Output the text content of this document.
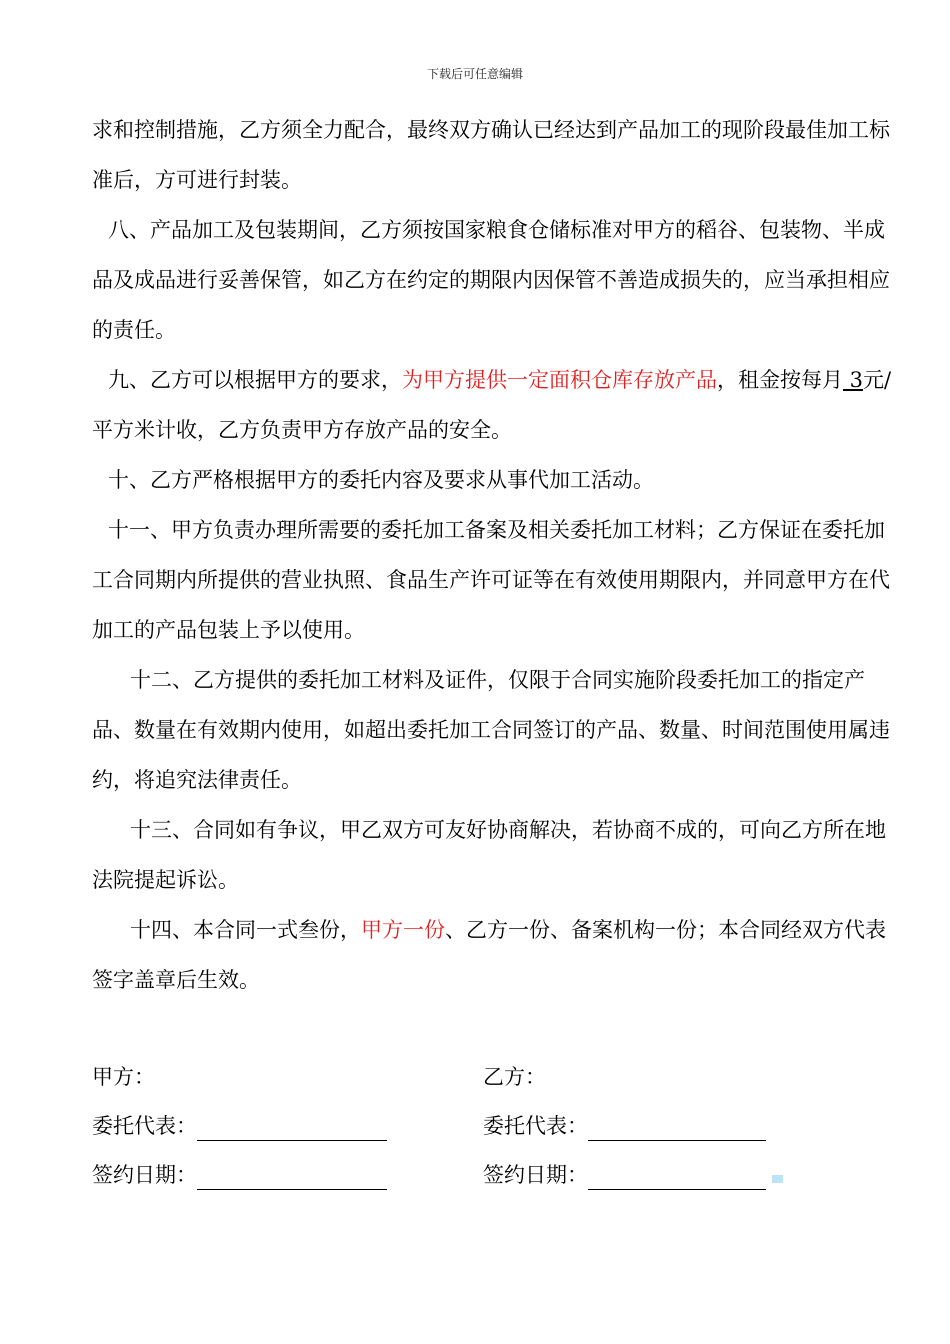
下载后可任意编辑

求和控制措施，乙方须全力配合，最终双方确认已经达到产品加工的现阶段最佳加工标准后，方可进行封装。

八、产品加工及包装期间，乙方须按国家粮食仓储标准对甲方的稻谷、包装物、半成品及成品进行妥善保管，如乙方在约定的期限内因保管不善造成损失的，应当承担相应的责任。

九、乙方可以根据甲方的要求，为甲方提供一定面积仓库存放产品，租金按每月 3元/平方米计收，乙方负责甲方存放产品的安全。

十、乙方严格根据甲方的委托内容及要求从事代加工活动。

十一、甲方负责办理所需要的委托加工备案及相关委托加工材料；乙方保证在委托加工合同期内所提供的营业执照、食品生产许可证等在有效使用期限内，并同意甲方在代加工的产品包装上予以使用。

十二、乙方提供的委托加工材料及证件，仅限于合同实施阶段委托加工的指定产品、数量在有效期内使用，如超出委托加工合同签订的产品、数量、时间范围使用属违约，将追究法律责任。

十三、合同如有争议，甲乙双方可友好协商解决，若协商不成的，可向乙方所在地法院提起诉讼。

十四、本合同一式叁份，甲方一份、乙方一份、备案机构一份；本合同经双方代表签字盖章后生效。

甲方：	乙方：
委托代表：	委托代表：
签约日期：	签约日期：
